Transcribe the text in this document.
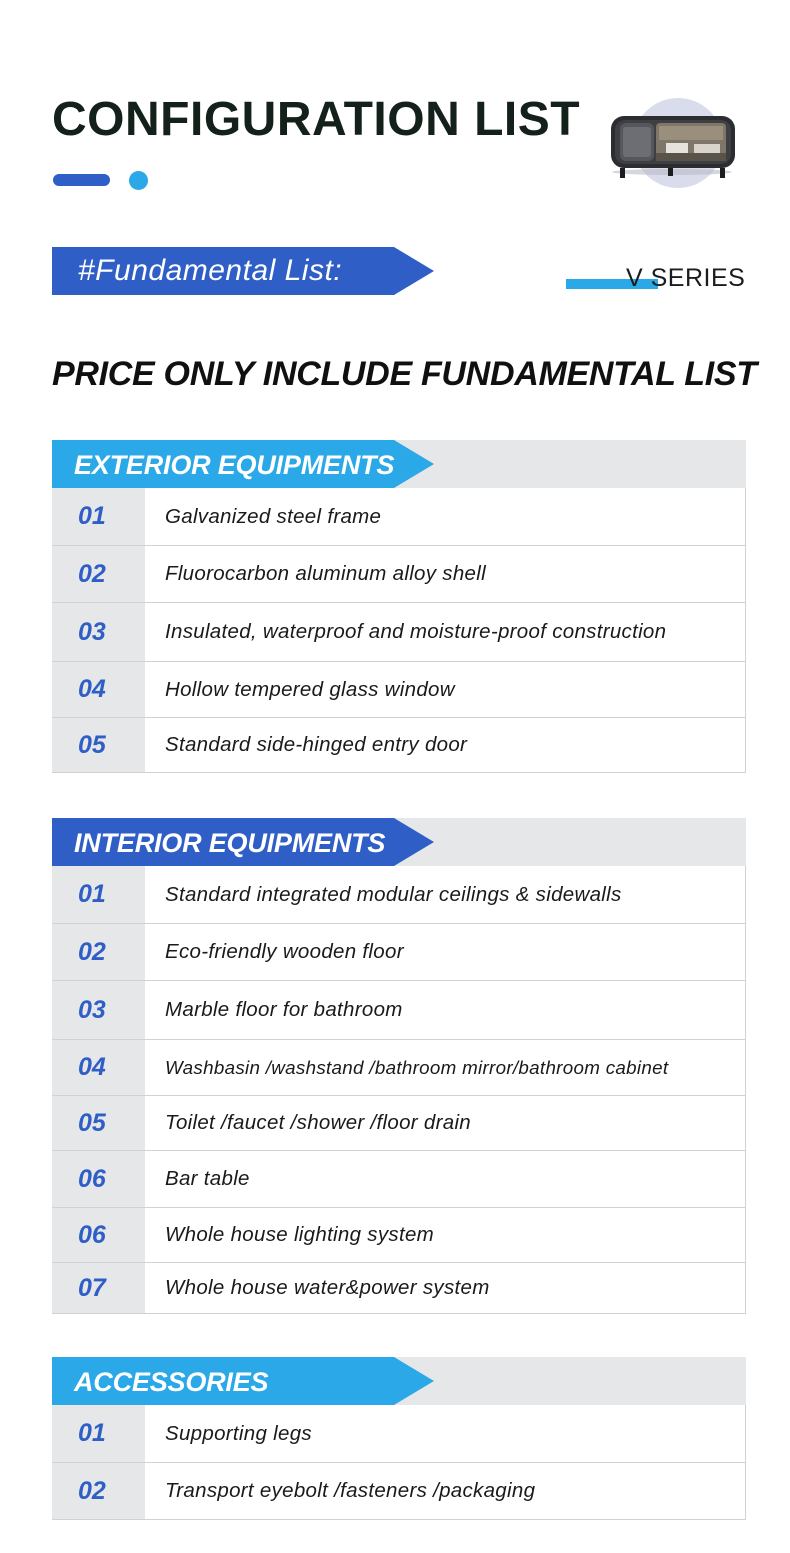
CONFIGURATION LIST
#Fundamental List:	V SERIES
PRICE ONLY INCLUDE FUNDAMENTAL LIST
EXTERIOR EQUIPMENTS
01	Galvanized steel frame
02	Fluorocarbon aluminum alloy shell
03	Insulated, waterproof and moisture-proof construction
04	Hollow tempered glass window
05	Standard side-hinged entry door
INTERIOR EQUIPMENTS
01	Standard integrated modular ceilings & sidewalls
02	Eco-friendly wooden floor
03	Marble floor for bathroom
04	Washbasin /washstand /bathroom mirror/bathroom cabinet
05	Toilet /faucet /shower /floor drain
06	Bar table
06	Whole house lighting system
07	Whole house water&power system
ACCESSORIES
01	Supporting legs
02	Transport eyebolt /fasteners /packaging
